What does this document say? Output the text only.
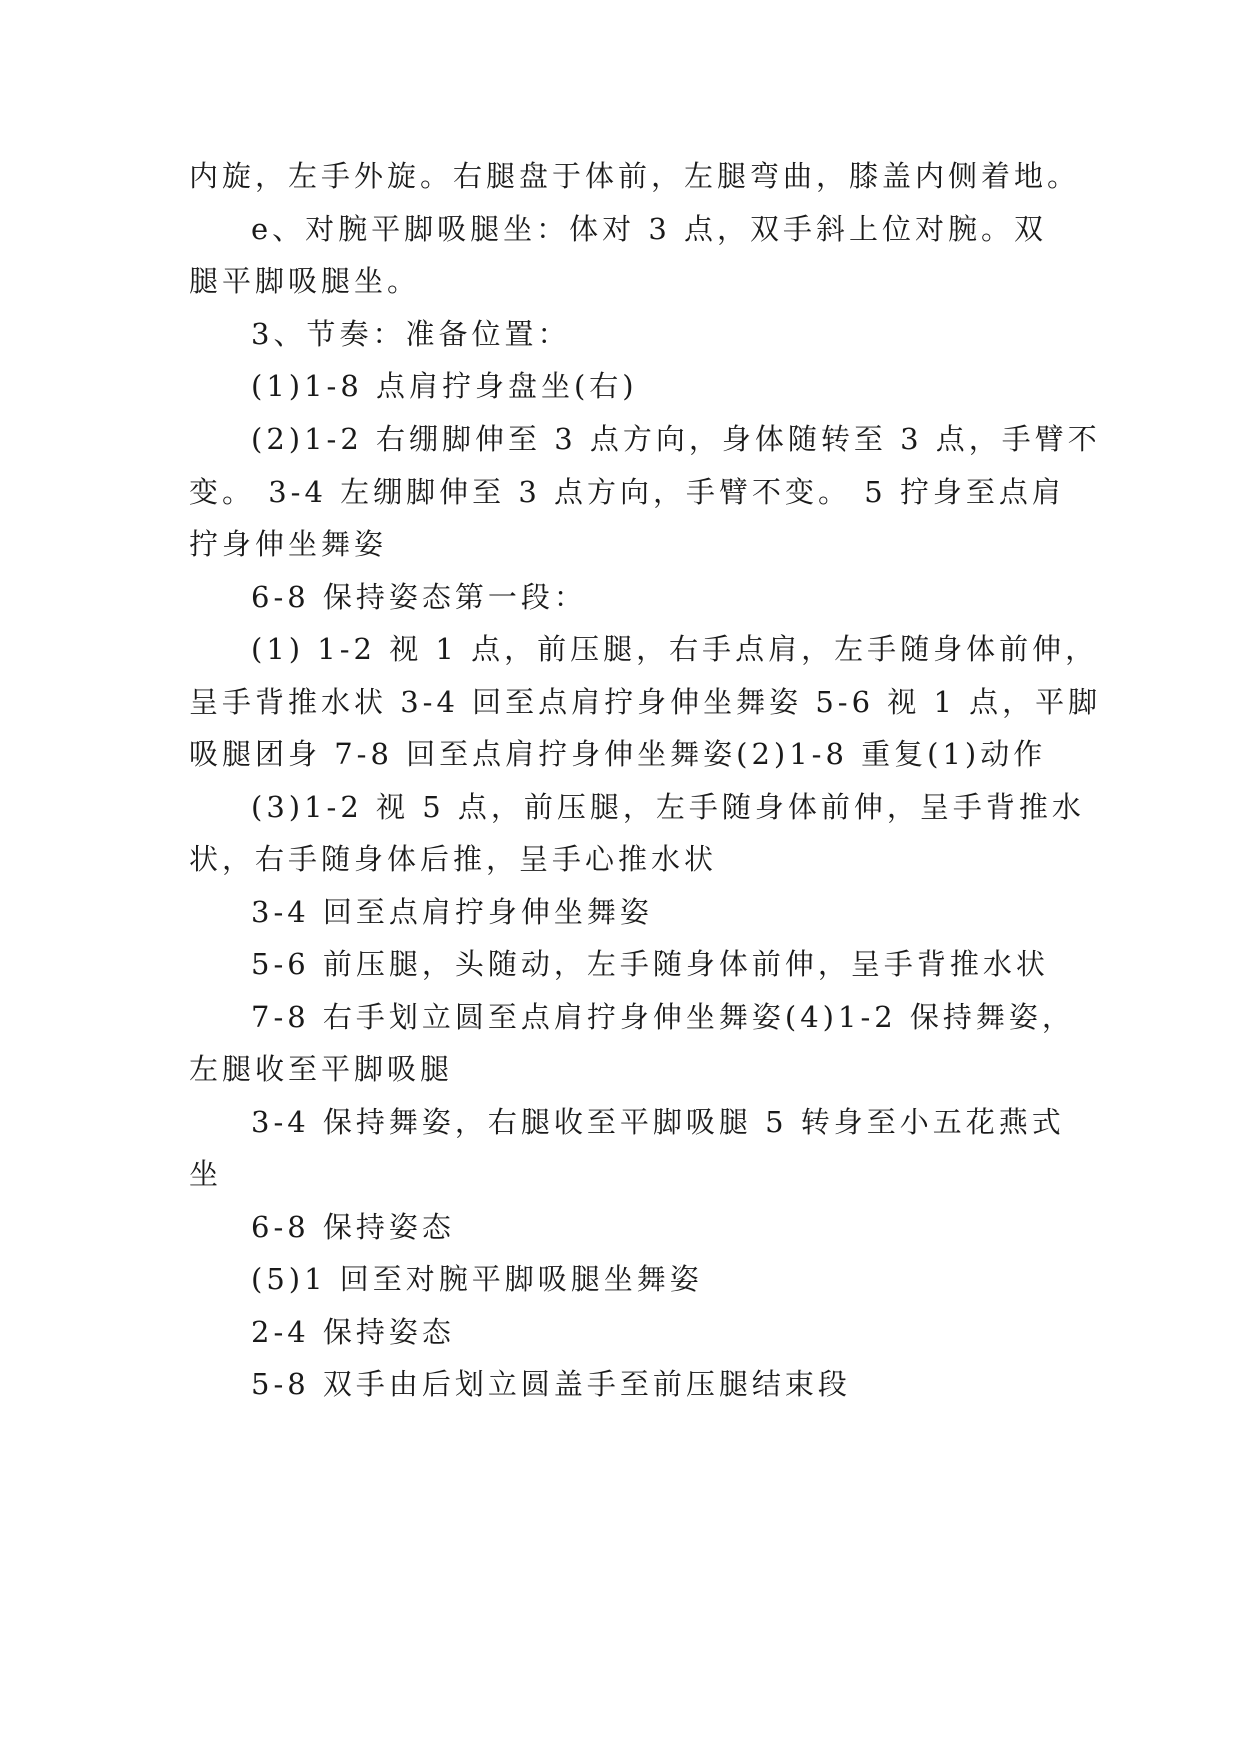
内旋，左手外旋。右腿盘于体前，左腿弯曲，膝盖内侧着地。
e、对腕平脚吸腿坐：体对 3 点，双手斜上位对腕。双
腿平脚吸腿坐。
3、节奏：准备位置：
(1)1-8 点肩拧身盘坐(右)
(2)1-2 右绷脚伸至 3 点方向，身体随转至 3 点，手臂不
变。 3-4 左绷脚伸至 3 点方向，手臂不变。 5 拧身至点肩
拧身伸坐舞姿
6-8 保持姿态第一段：
(1) 1-2 视 1 点，前压腿，右手点肩，左手随身体前伸，
呈手背推水状 3-4 回至点肩拧身伸坐舞姿 5-6 视 1 点，平脚
吸腿团身 7-8 回至点肩拧身伸坐舞姿(2)1-8 重复(1)动作
(3)1-2 视 5 点，前压腿，左手随身体前伸，呈手背推水
状，右手随身体后推，呈手心推水状
3-4 回至点肩拧身伸坐舞姿
5-6 前压腿，头随动，左手随身体前伸，呈手背推水状
7-8 右手划立圆至点肩拧身伸坐舞姿(4)1-2 保持舞姿，
左腿收至平脚吸腿
3-4 保持舞姿，右腿收至平脚吸腿 5 转身至小五花燕式
坐
6-8 保持姿态
(5)1 回至对腕平脚吸腿坐舞姿
2-4 保持姿态
5-8 双手由后划立圆盖手至前压腿结束段
